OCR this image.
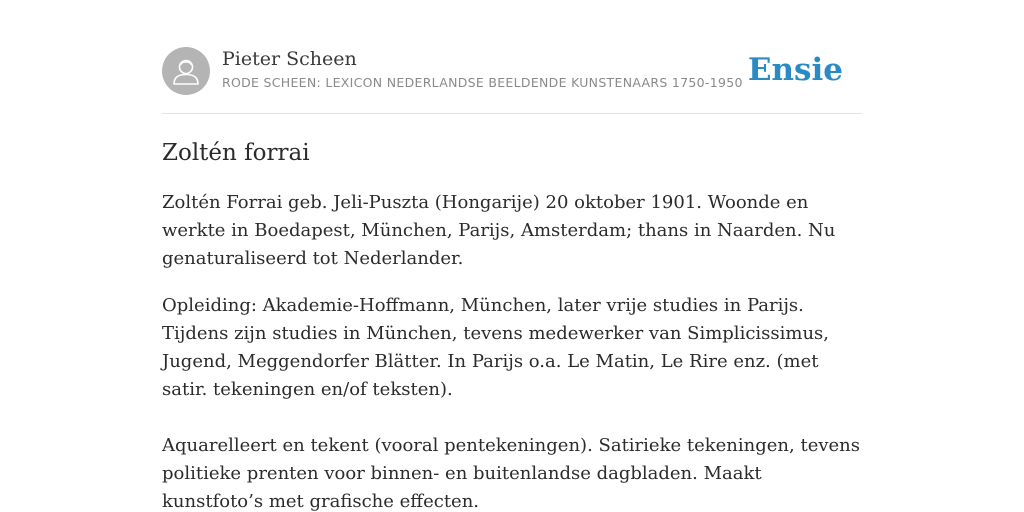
Pieter Scheen
RODE SCHEEN: LEXICON NEDERLANDSE BEELDENDE KUNSTENAARS 1750-1950 Ensie
Zoltén forrai

Zoltén Forrai geb. Jeli-Puszta (Hongarije) 20 oktober 1901. Woonde en werkte in Boedapest, München, Parijs, Amsterdam; thans in Naarden. Nu genaturaliseerd tot Nederlander.

Opleiding: Akademie-Hoffmann, München, later vrije studies in Parijs. Tijdens zijn studies in München, tevens medewerker van Simplicissimus, Jugend, Meggendorfer Blätter. In Parijs o.a. Le Matin, Le Rire enz. (met satir. tekeningen en/of teksten).

Aquarelleert en tekent (vooral pentekeningen). Satirieke tekeningen, tevens politieke prenten voor binnen- en buitenlandse dagbladen. Maakt kunstfoto’s met grafische effecten.
